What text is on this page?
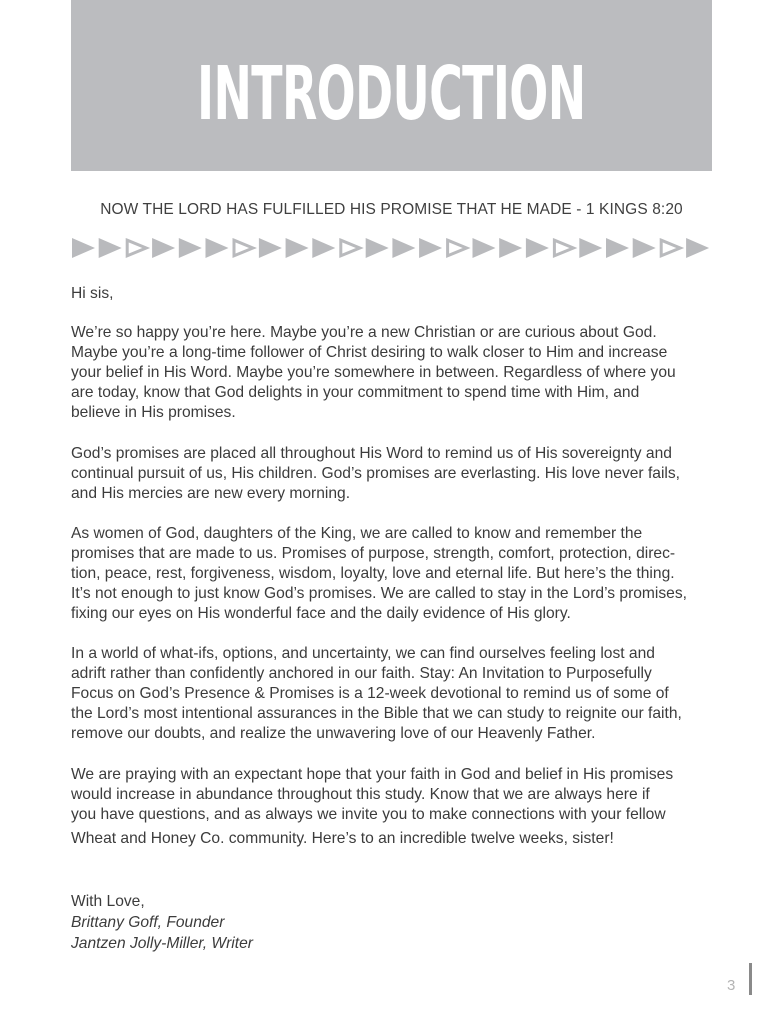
INTRODUCTION
NOW THE LORD HAS FULFILLED HIS PROMISE THAT HE MADE - 1 KINGS 8:20
Hi sis,
We’re so happy you’re here. Maybe you’re a new Christian or are curious about God.
Maybe you’re a long-time follower of Christ desiring to walk closer to Him and increase
your belief in His Word. Maybe you’re somewhere in between. Regardless of where you
are today, know that God delights in your commitment to spend time with Him, and
believe in His promises.
God’s promises are placed all throughout His Word to remind us of His sovereignty and
continual pursuit of us, His children. God’s promises are everlasting. His love never fails,
and His mercies are new every morning.
As women of God, daughters of the King, we are called to know and remember the
promises that are made to us. Promises of purpose, strength, comfort, protection, direc-
tion, peace, rest, forgiveness, wisdom, loyalty, love and eternal life. But here’s the thing.
It’s not enough to just know God’s promises. We are called to stay in the Lord’s promises,
fixing our eyes on His wonderful face and the daily evidence of His glory.
In a world of what-ifs, options, and uncertainty, we can find ourselves feeling lost and
adrift rather than confidently anchored in our faith. Stay: An Invitation to Purposefully
Focus on God’s Presence & Promises is a 12-week devotional to remind us of some of
the Lord’s most intentional assurances in the Bible that we can study to reignite our faith,
remove our doubts, and realize the unwavering love of our Heavenly Father.
We are praying with an expectant hope that your faith in God and belief in His promises
would increase in abundance throughout this study. Know that we are always here if
you have questions, and as always we invite you to make connections with your fellow
Wheat and Honey Co. community. Here’s to an incredible twelve weeks, sister!
With Love,
Brittany Goff, Founder
Jantzen Jolly-Miller, Writer
3
